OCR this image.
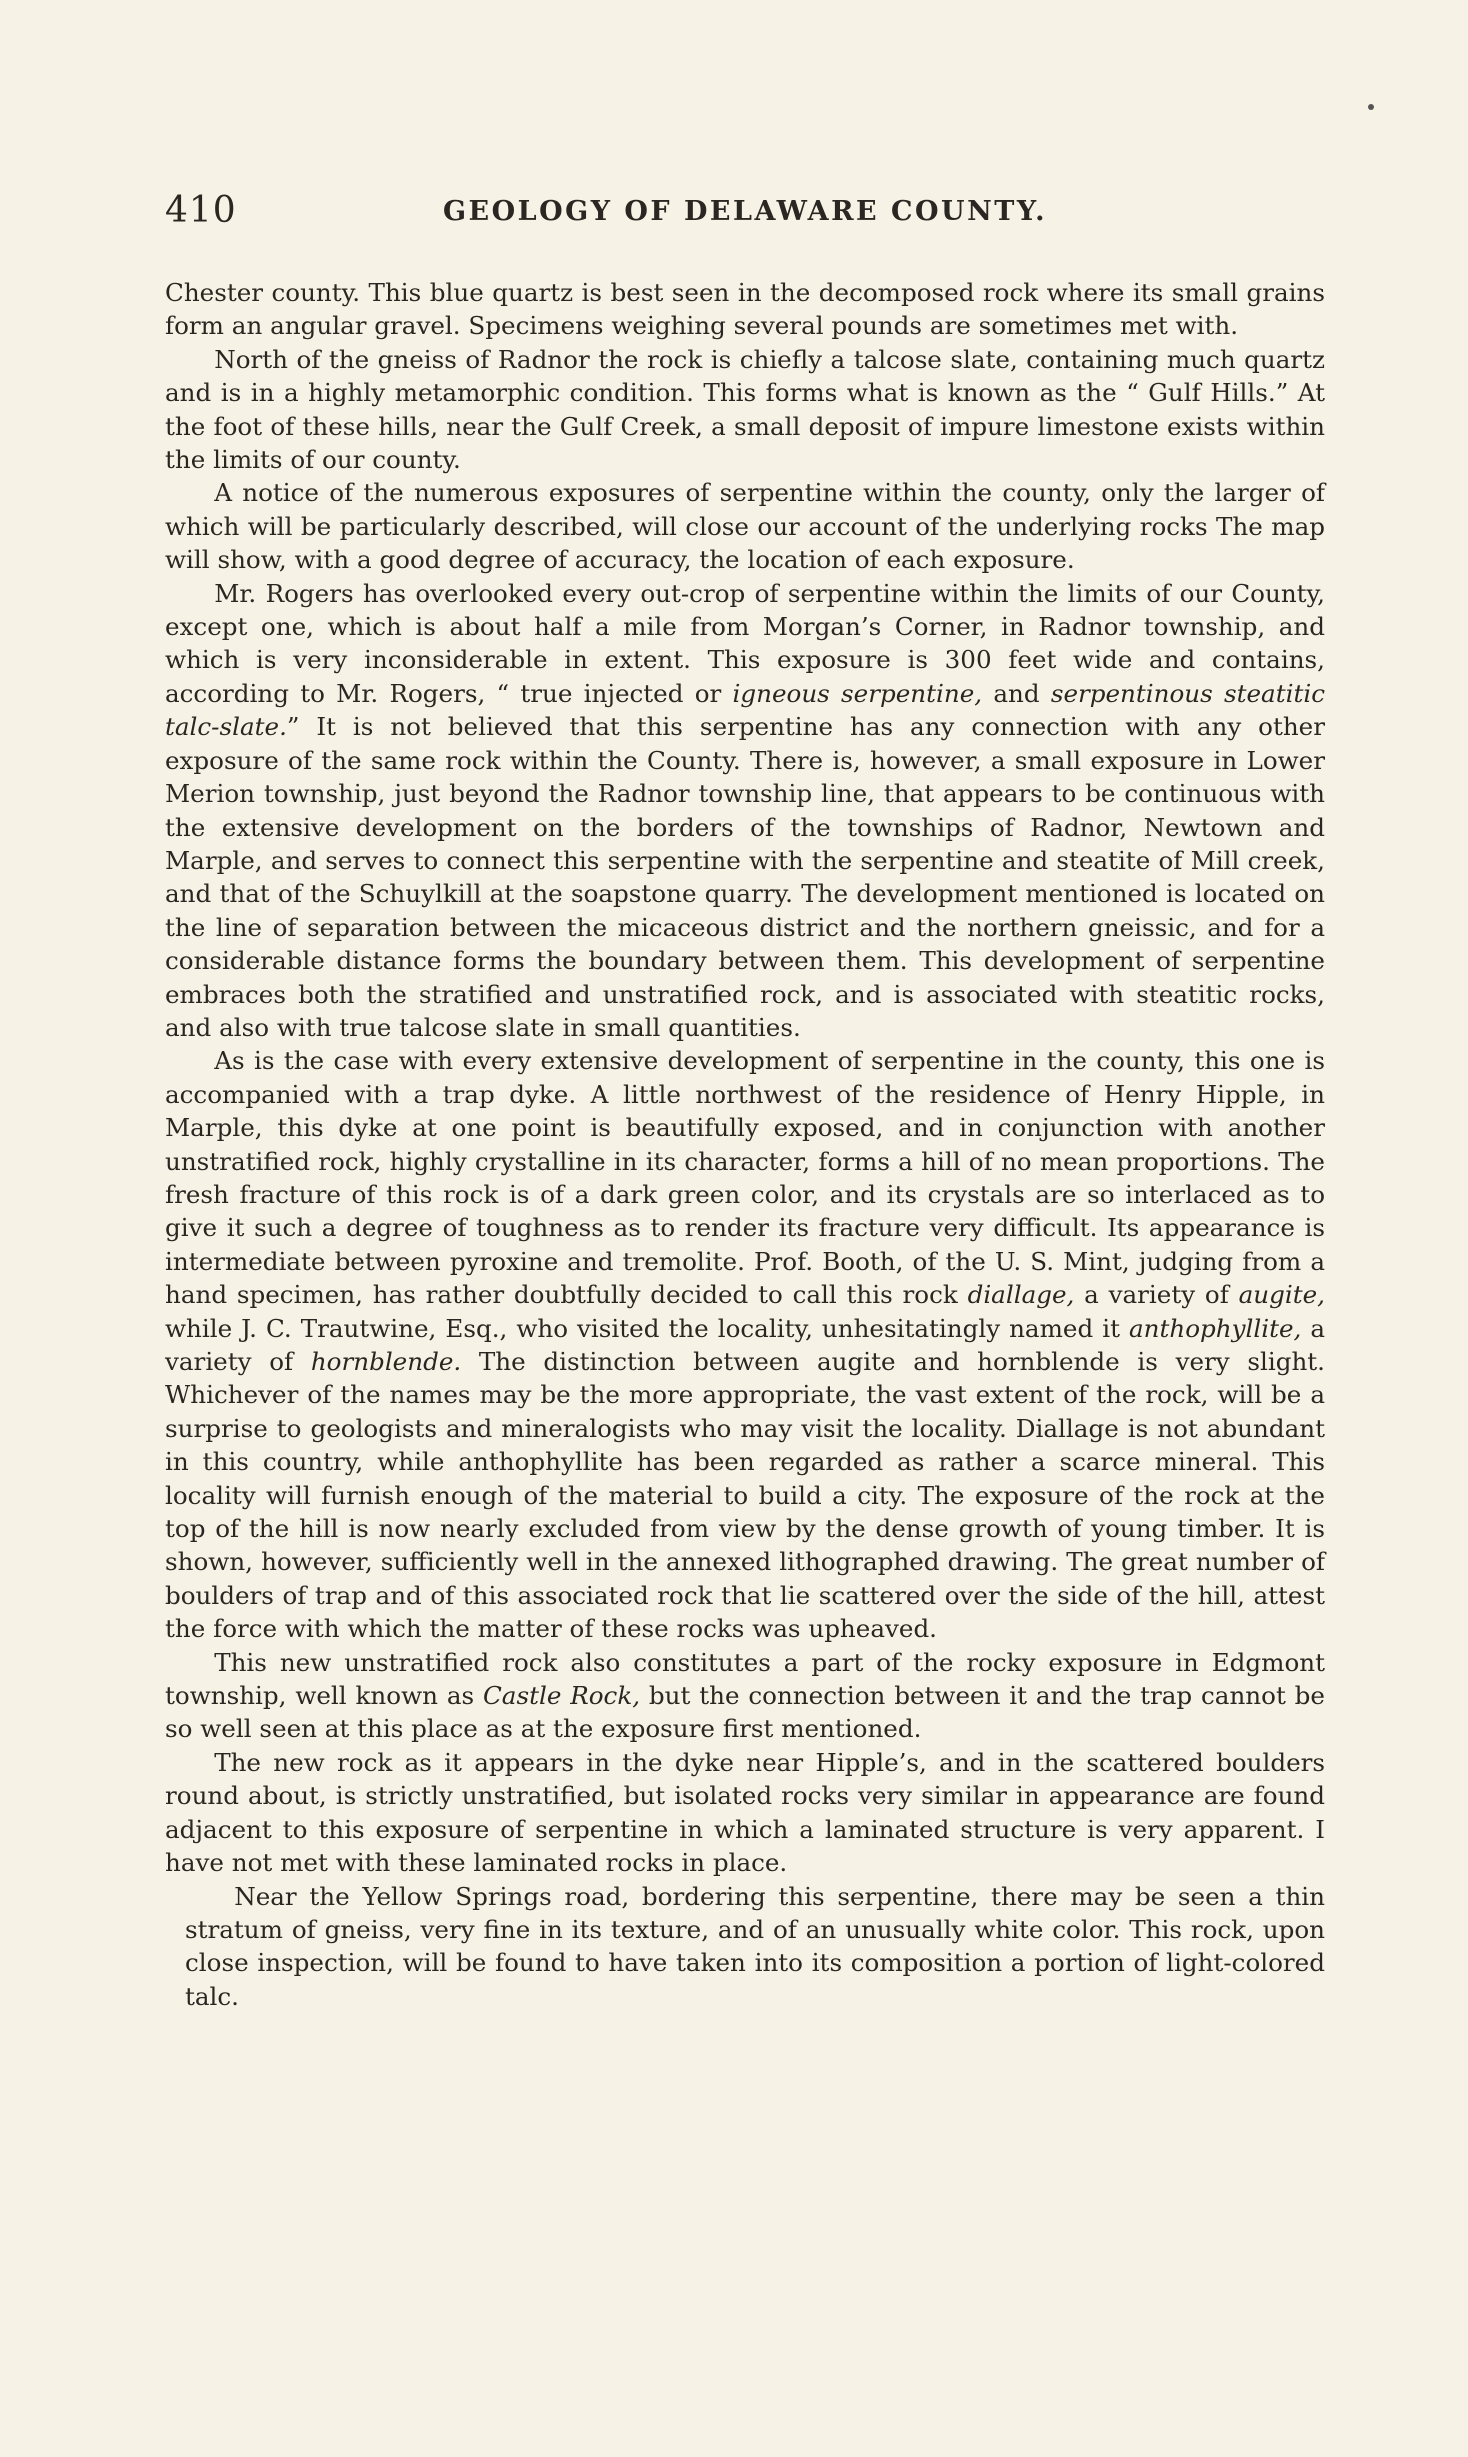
410	GEOLOGY OF DELAWARE COUNTY.

Chester county. This blue quartz is best seen in the decomposed rock where its small grains form an angular gravel. Specimens weighing several pounds are sometimes met with.

North of the gneiss of Radnor the rock is chiefly a talcose slate, containing much quartz and is in a highly metamorphic condition. This forms what is known as the “ Gulf Hills.” At the foot of these hills, near the Gulf Creek, a small deposit of impure limestone exists within the limits of our county.

A notice of the numerous exposures of serpentine within the county, only the larger of which will be particularly described, will close our account of the underlying rocks The map will show, with a good degree of accuracy, the location of each exposure.

Mr. Rogers has overlooked every out-crop of serpentine within the limits of our County, except one, which is about half a mile from Morgan’s Corner, in Radnor township, and which is very inconsiderable in extent. This exposure is 300 feet wide and contains, according to Mr. Rogers, “ true injected or igneous serpentine, and serpentinous steatitic talc-slate.” It is not believed that this serpentine has any connection with any other exposure of the same rock within the County. There is, however, a small exposure in Lower Merion township, just beyond the Radnor township line, that appears to be continuous with the extensive development on the borders of the townships of Radnor, Newtown and Marple, and serves to connect this serpentine with the serpentine and steatite of Mill creek, and that of the Schuylkill at the soapstone quarry. The development mentioned is located on the line of separation between the micaceous district and the northern gneissic, and for a considerable distance forms the boundary between them. This development of serpentine embraces both the stratified and unstratified rock, and is associated with steatitic rocks, and also with true talcose slate in small quantities.

As is the case with every extensive development of serpentine in the county, this one is accompanied with a trap dyke. A little northwest of the residence of Henry Hipple, in Marple, this dyke at one point is beautifully exposed, and in conjunction with another unstratified rock, highly crystalline in its character, forms a hill of no mean proportions. The fresh fracture of this rock is of a dark green color, and its crystals are so interlaced as to give it such a degree of toughness as to render its fracture very difficult. Its appearance is intermediate between pyroxine and tremolite. Prof. Booth, of the U. S. Mint, judging from a hand specimen, has rather doubtfully decided to call this rock diallage, a variety of augite, while J. C. Trautwine, Esq., who visited the locality, unhesitatingly named it anthophyllite, a variety of hornblende. The distinction between augite and hornblende is very slight. Whichever of the names may be the more appropriate, the vast extent of the rock, will be a surprise to geologists and mineralogists who may visit the locality. Diallage is not abundant in this country, while anthophyllite has been regarded as rather a scarce mineral. This locality will furnish enough of the material to build a city. The exposure of the rock at the top of the hill is now nearly excluded from view by the dense growth of young timber. It is shown, however, sufficiently well in the annexed lithographed drawing. The great number of boulders of trap and of this associated rock that lie scattered over the side of the hill, attest the force with which the matter of these rocks was upheaved.

This new unstratified rock also constitutes a part of the rocky exposure in Edgmont township, well known as Castle Rock, but the connection between it and the trap cannot be so well seen at this place as at the exposure first mentioned.

The new rock as it appears in the dyke near Hipple’s, and in the scattered boulders round about, is strictly unstratified, but isolated rocks very similar in appearance are found adjacent to this exposure of serpentine in which a laminated structure is very apparent. I have not met with these laminated rocks in place.

Near the Yellow Springs road, bordering this serpentine, there may be seen a thin stratum of gneiss, very fine in its texture, and of an unusually white color. This rock, upon close inspection, will be found to have taken into its composition a portion of light-colored talc.
